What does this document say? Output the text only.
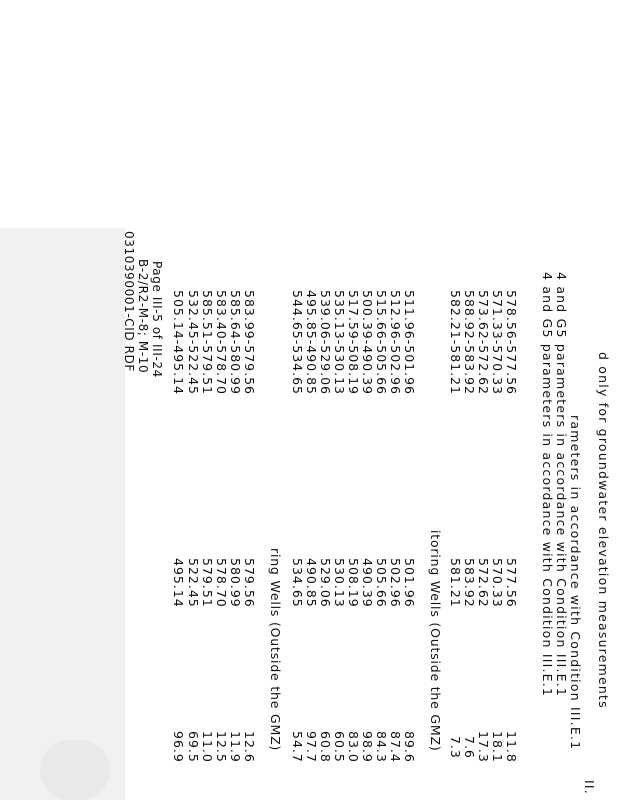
0310390001-CID RDF B-2/R2-M-8; M-10 Page III-5 of III-24
96.9
495.14
505.14-495.14
69.5
522.45
532.45-522.45
11.0
579.51
585.51-579.51
12.5
578.70
583.40-578.70
11.9
580.99
585.64-580.99
12.6
579.56
583.99-579.56
ring Wells (Outside the GMZ) 54.7
534.65
544.65-534.65
97.7
490.85
495.85-490.85
60.8
529.06
539.06-529.06
60.5
530.13
535.13-530.13
83.0
508.19
517.59-508.19
98.9
490.39
500.39-490.39
84.3
505.66
515.66-505.66
87.4
502.96
512.96-502.96
89.6
501.96
511.96-501.96
itoring Wells (Outside the GMZ) 7.3
581.21
582.21-581.21
7.6
583.92
588.92-583.92
17.3
572.62
573.62-572.62
18.1
570.33
571.33-570.33
11.8
577.56
578.56-577.56 4 and G5 parameters in accordance with Condition III.E.1 4 and G5 parameters in accordance with Condition III.E.1 rameters in accordance with Condition III.E.1
II.
d only for groundwater elevation measurements
